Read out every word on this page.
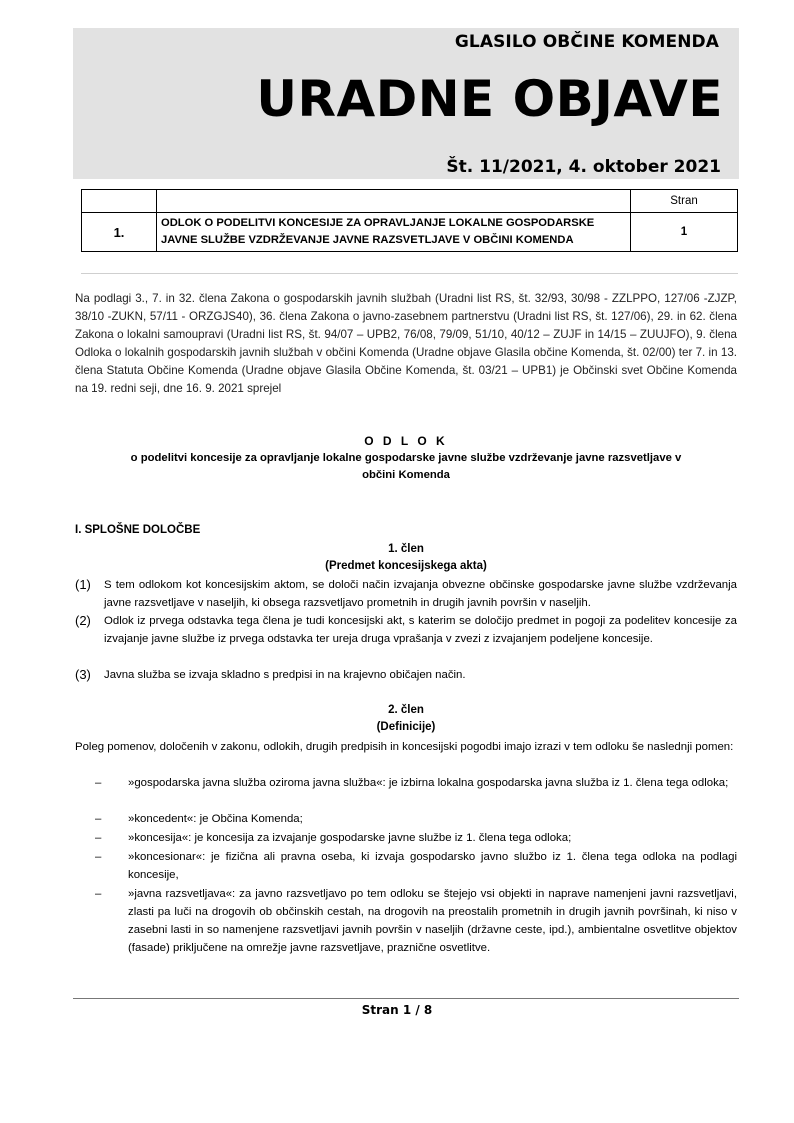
GLASILO OBČINE KOMENDA
URADNE OBJAVE
Št. 11/2021, 4. oktober 2021
		Stran
1.	ODLOK O PODELITVI KONCESIJE ZA OPRAVLJANJE LOKALNE GOSPODARSKE JAVNE SLUŽBE VZDRŽEVANJE JAVNE RAZSVETLJAVE V OBČINI KOMENDA	1
Na podlagi 3., 7. in 32. člena Zakona o gospodarskih javnih službah (Uradni list RS, št. 32/93, 30/98 - ZZLPPO, 127/06 -ZJZP, 38/10 -ZUKN, 57/11 - ORZGJS40), 36. člena Zakona o javno-zasebnem partnerstvu (Uradni list RS, št. 127/06), 29. in 62. člena Zakona o lokalni samoupravi (Uradni list RS, št. 94/07 – UPB2, 76/08, 79/09, 51/10, 40/12 – ZUJF in 14/15 – ZUUJFO), 9. člena Odloka o lokalnih gospodarskih javnih službah v občini Komenda (Uradne objave Glasila občine Komenda, št. 02/00) ter 7. in 13. člena Statuta Občine Komenda (Uradne objave Glasila Občine Komenda, št. 03/21 – UPB1) je Občinski svet Občine Komenda na 19. redni seji, dne 16. 9. 2021 sprejel
O D L O K
o podelitvi koncesije za opravljanje lokalne gospodarske javne službe vzdrževanje javne razsvetljave v
občini Komenda
I. SPLOŠNE DOLOČBE
1. člen
(Predmet koncesijskega akta)
(1) S tem odlokom kot koncesijskim aktom, se določi način izvajanja obvezne občinske gospodarske javne službe vzdrževanja javne razsvetljave v naseljih, ki obsega razsvetljavo prometnih in drugih javnih površin v naseljih.
(2) Odlok iz prvega odstavka tega člena je tudi koncesijski akt, s katerim se določijo predmet in pogoji za podelitev koncesije za izvajanje javne službe iz prvega odstavka ter ureja druga vprašanja v zvezi z izvajanjem podeljene koncesije.
(3) Javna služba se izvaja skladno s predpisi in na krajevno običajen način.
2. člen
(Definicije)
Poleg pomenov, določenih v zakonu, odlokih, drugih predpisih in koncesijski pogodbi imajo izrazi v tem odloku še naslednji pomen:
– »gospodarska javna služba oziroma javna služba«: je izbirna lokalna gospodarska javna služba iz 1. člena tega odloka;
– »koncedent«: je Občina Komenda;
– »koncesija«: je koncesija za izvajanje gospodarske javne službe iz 1. člena tega odloka;
– »koncesionar«: je fizična ali pravna oseba, ki izvaja gospodarsko javno službo iz 1. člena tega odloka na podlagi koncesije,
– »javna razsvetljava«: za javno razsvetljavo po tem odloku se štejejo vsi objekti in naprave namenjeni javni razsvetljavi, zlasti pa luči na drogovih ob občinskih cestah, na drogovih na preostalih prometnih in drugih javnih površinah, ki niso v zasebni lasti in so namenjene razsvetljavi javnih površin v naseljih (državne ceste, ipd.), ambientalne osvetlitve objektov (fasade) priključene na omrežje javne razsvetljave, praznične osvetlitve.
Stran 1 / 8
